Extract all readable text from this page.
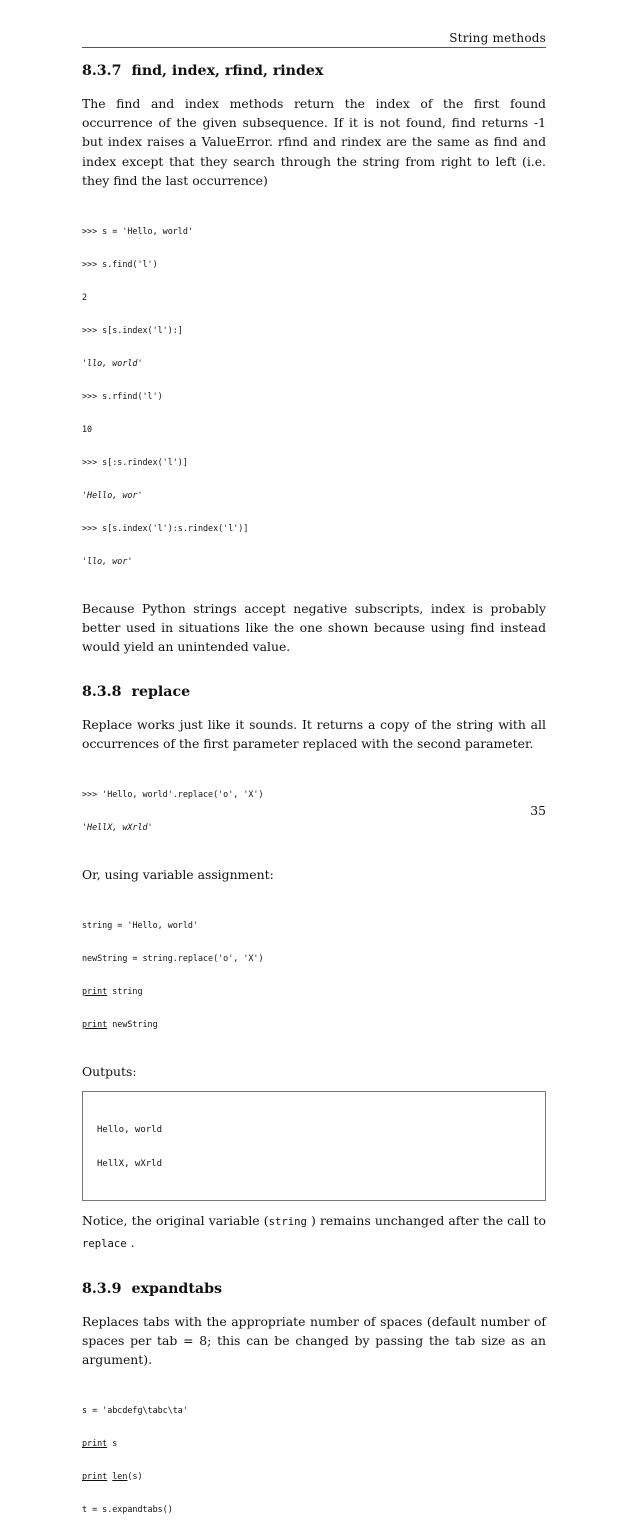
String methods
8.3.7 find, index, rfind, rindex

The find and index methods return the index of the first found occurrence of the given subsequence. If it is not found, find returns -1 but index raises a ValueError. rfind and rindex are the same as find and index except that they search through the string from right to left (i.e. they find the last occurrence)

>>> s = 'Hello, world'

>>> s.find('l')

2

>>> s[s.index('l'):]

'llo, world'

>>> s.rfind('l')

10

>>> s[:s.rindex('l')]

'Hello, wor'

>>> s[s.index('l'):s.rindex('l')]

'llo, wor'

Because Python strings accept negative subscripts, index is probably better used in situations like the one shown because using find instead would yield an unintended value.

8.3.8 replace

Replace works just like it sounds. It returns a copy of the string with all occurrences of the first parameter replaced with the second parameter.

>>> 'Hello, world'.replace('o', 'X')

'HellX, wXrld'

Or, using variable assignment:

string = 'Hello, world'

newString = string.replace('o', 'X')

print string

print newString

Outputs:

Hello, world

HellX, wXrld

Notice, the original variable (string ) remains unchanged after the call to replace .

8.3.9 expandtabs

Replaces tabs with the appropriate number of spaces (default number of spaces per tab = 8; this can be changed by passing the tab size as an argument).

s = 'abcdefg\tabc\ta'

print s

print len(s)

t = s.expandtabs()

35
